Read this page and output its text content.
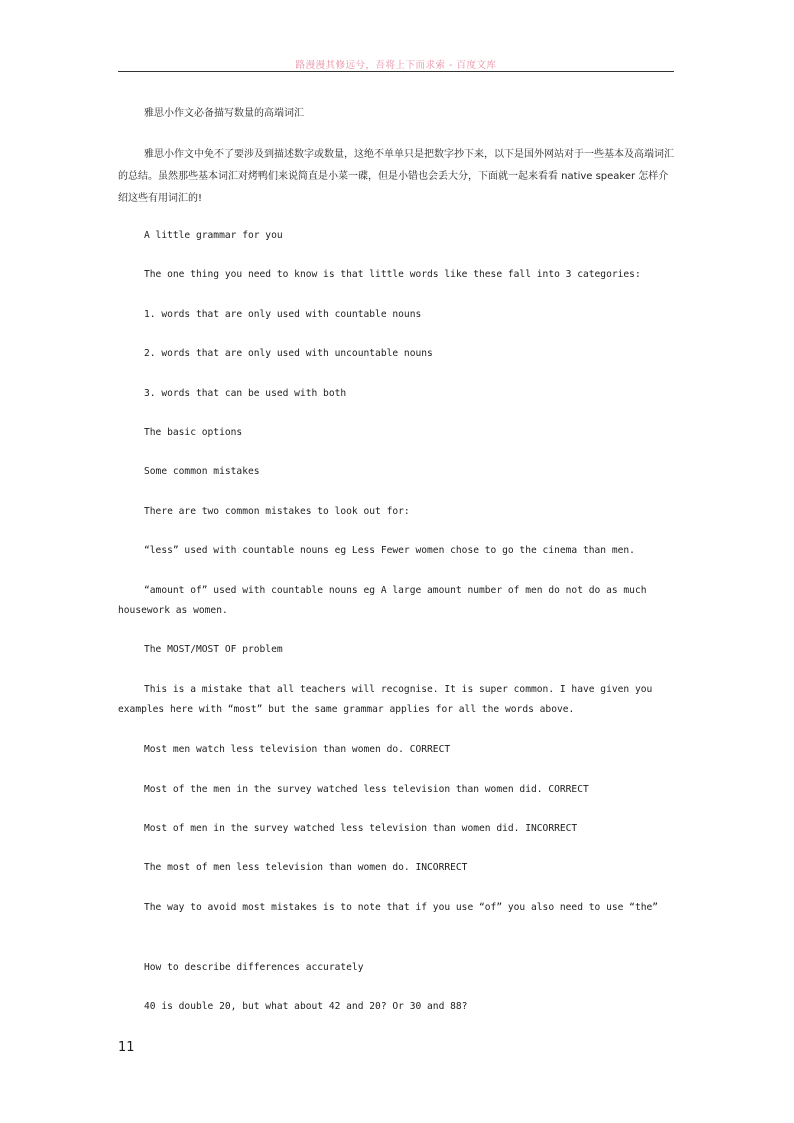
路漫漫其修远兮，吾将上下而求索 - 百度文库

雅思小作文必备描写数量的高端词汇

雅思小作文中免不了要涉及到描述数字或数量，这绝不单单只是把数字抄下来，以下是国外网站对于一些基本及高端词汇的总结。虽然那些基本词汇对烤鸭们来说简直是小菜一碟，但是小错也会丢大分，下面就一起来看看 native speaker 怎样介绍这些有用词汇的!

A little grammar for you

The one thing you need to know is that little words like these fall into 3 categories:

1. words that are only used with countable nouns

2. words that are only used with uncountable nouns

3. words that can be used with both

The basic options

Some common mistakes

There are two common mistakes to look out for:

“less” used with countable nouns eg Less Fewer women chose to go the cinema than men.

“amount of” used with countable nouns eg A large amount number of men do not do as much housework as women.

The MOST/MOST OF problem

This is a mistake that all teachers will recognise. It is super common. I have given you examples here with “most” but the same grammar applies for all the words above.

Most men watch less television than women do. CORRECT

Most of the men in the survey watched less television than women did. CORRECT

Most of men in the survey watched less television than women did. INCORRECT

The most of men less television than women do. INCORRECT

The way to avoid most mistakes is to note that if you use “of” you also need to use “the”

How to describe differences accurately

40 is double 20, but what about 42 and 20? Or 30 and 88?

11
